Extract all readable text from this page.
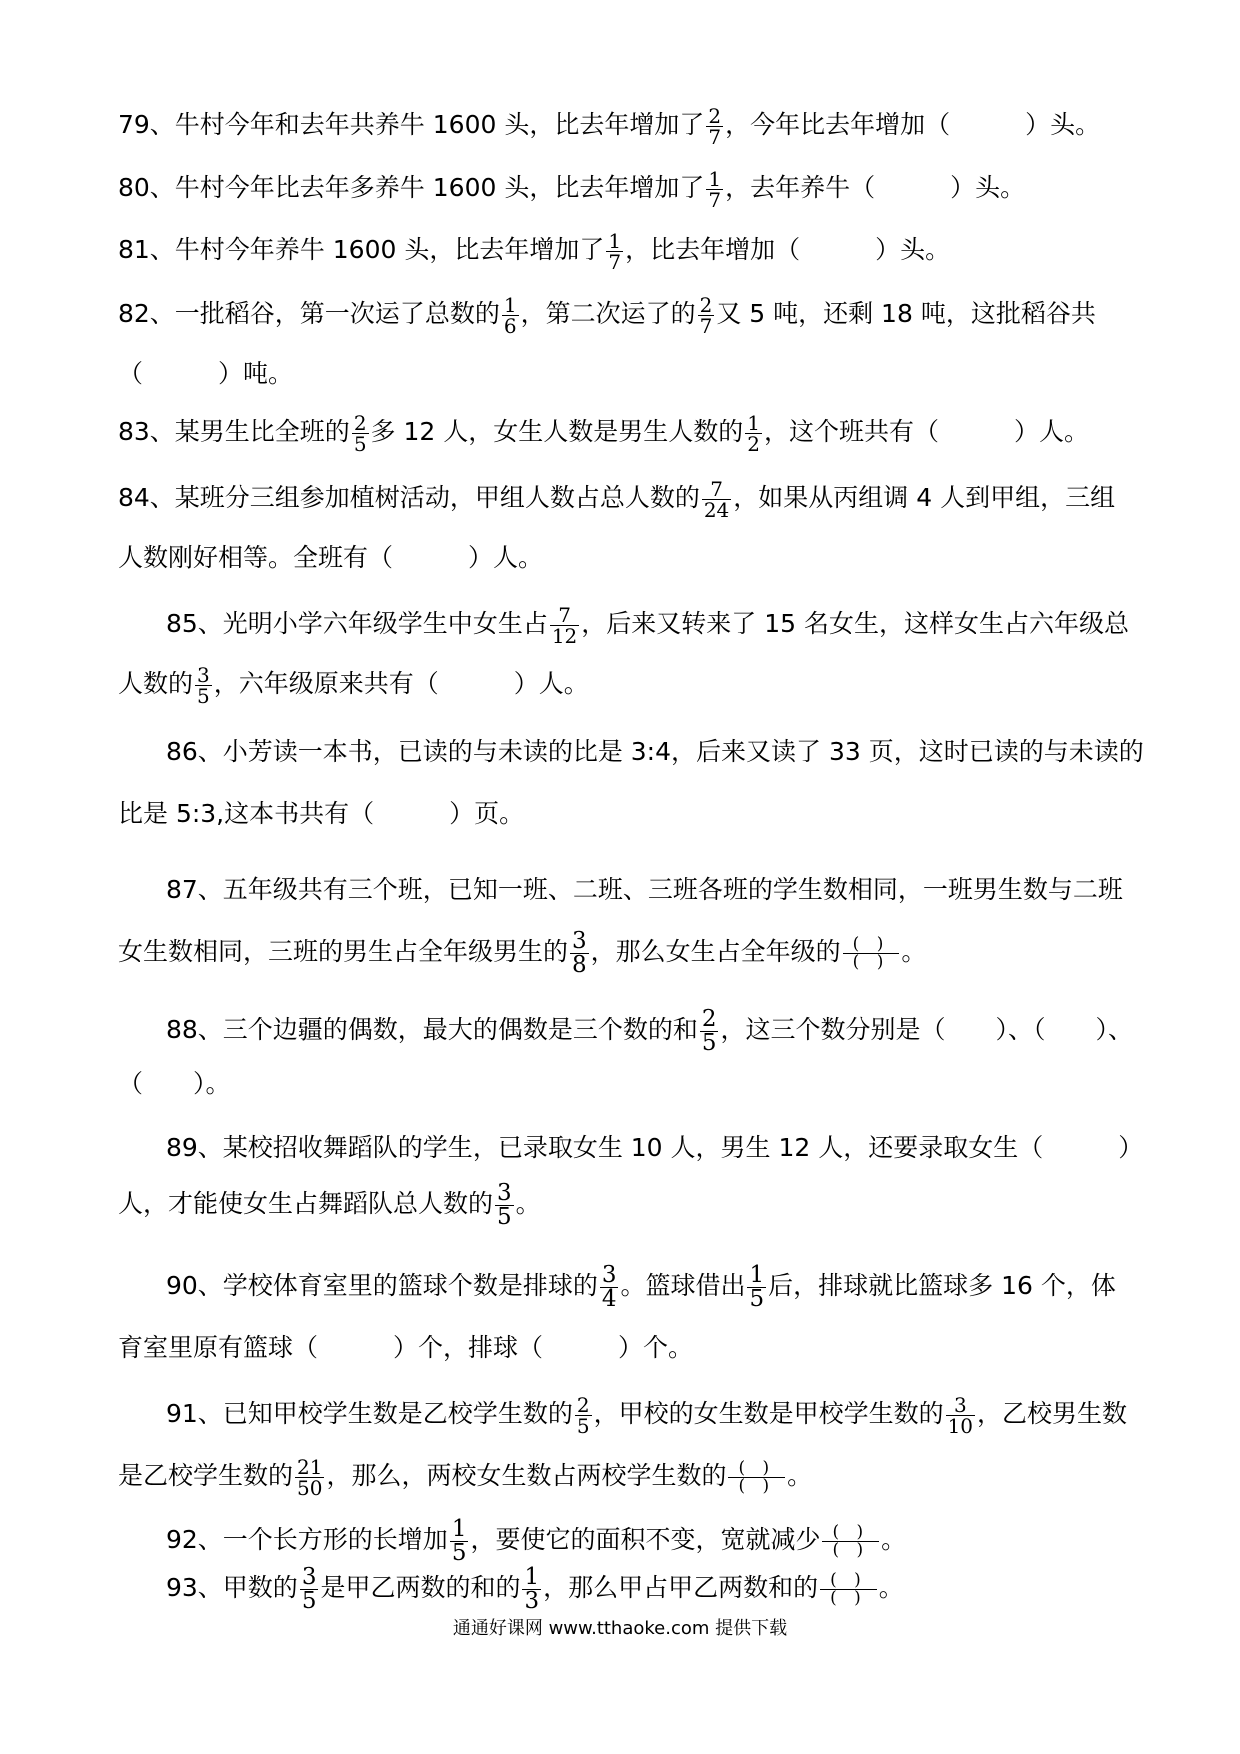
79、牛村今年和去年共养牛 1600 头，比去年增加了 $\frac{2}{7}$ ，今年比去年增加（　　　）头。
80、牛村今年比去年多养牛 1600 头，比去年增加了 $\frac{1}{7}$ ，去年养牛（　　　）头。
81、牛村今年养牛 1600 头，比去年增加了 $\frac{1}{7}$ ，比去年增加（　　　）头。
82、一批稻谷，第一次运了总数的 $\frac{1}{6}$ ，第二次运了的 $\frac{2}{7}$ 又 5 吨，还剩 18 吨，这批稻谷共
（　　　）吨。
83、某男生比全班的 $\frac{2}{5}$ 多 12 人，女生人数是男生人数的 $\frac{1}{2}$ ，这个班共有（　　　）人。
84、某班分三组参加植树活动，甲组人数占总人数的 $\frac{7}{24}$ ，如果从丙组调 4 人到甲组，三组
人数刚好相等。全班有（　　　）人。
85、光明小学六年级学生中女生占 $\frac{7}{12}$ ，后来又转来了 15 名女生，这样女生占六年级总
人数的 $\frac{3}{5}$ ，六年级原来共有（　　　）人。
86、小芳读一本书，已读的与未读的比是 3:4，后来又读了 33 页，这时已读的与未读的
比是 5:3,这本书共有（　　　）页。
87、五年级共有三个班，已知一班、二班、三班各班的学生数相同，一班男生数与二班
女生数相同，三班的男生占全年级男生的 $\frac{3}{8}$ ，那么女生占全年级的 $\frac{( )}{( )}$ 。
88、三个边疆的偶数，最大的偶数是三个数的和 $\frac{2}{5}$ ，这三个数分别是（　　）、（　　）、
（　　）。
89、某校招收舞蹈队的学生，已录取女生 10 人，男生 12 人，还要录取女生（　　　）
人，才能使女生占舞蹈队总人数的 $\frac{3}{5}$ 。
90、学校体育室里的篮球个数是排球的 $\frac{3}{4}$ 。篮球借出 $\frac{1}{5}$ 后，排球就比篮球多 16 个，体
育室里原有篮球（　　　）个，排球（　　　）个。
91、已知甲校学生数是乙校学生数的 $\frac{2}{5}$ ，甲校的女生数是甲校学生数的 $\frac{3}{10}$ ，乙校男生数
是乙校学生数的 $\frac{21}{50}$ ，那么，两校女生数占两校学生数的 $\frac{( )}{( )}$ 。
92、一个长方形的长增加 $\frac{1}{5}$ ，要使它的面积不变，宽就减少 $\frac{( )}{( )}$ 。
93、甲数的 $\frac{3}{5}$ 是甲乙两数的和的 $\frac{1}{3}$ ，那么甲占甲乙两数和的 $\frac{( )}{( )}$ 。
通通好课网 www.tthaoke.com 提供下载
